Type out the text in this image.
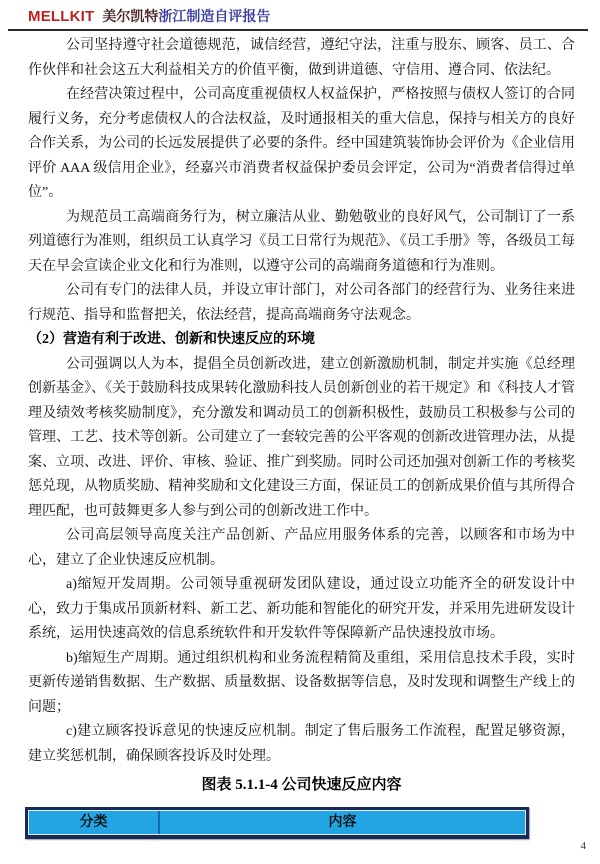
MELLKIT 美尔凯特浙江制造自评报告

公司坚持遵守社会道德规范，诚信经营，遵纪守法，注重与股东、顾客、员工、合作伙伴和社会这五大利益相关方的价值平衡，做到讲道德、守信用、遵合同、依法纪。

在经营决策过程中，公司高度重视债权人权益保护，严格按照与债权人签订的合同履行义务，充分考虑债权人的合法权益，及时通报相关的重大信息，保持与相关方的良好合作关系，为公司的长远发展提供了必要的条件。经中国建筑装饰协会评价为《企业信用评价 AAA 级信用企业》，经嘉兴市消费者权益保护委员会评定，公司为“消费者信得过单位”。

为规范员工高端商务行为，树立廉洁从业、勤勉敬业的良好风气，公司制订了一系列道德行为准则，组织员工认真学习《员工日常行为规范》、《员工手册》等，各级员工每天在早会宣读企业文化和行为准则，以遵守公司的高端商务道德和行为准则。

公司有专门的法律人员，并设立审计部门，对公司各部门的经营行为、业务往来进行规范、指导和监督把关，依法经营，提高高端商务守法观念。

（2）营造有利于改进、创新和快速反应的环境

公司强调以人为本，提倡全员创新改进，建立创新激励机制，制定并实施《总经理创新基金》、《关于鼓励科技成果转化激励科技人员创新创业的若干规定》和《科技人才管理及绩效考核奖励制度》，充分激发和调动员工的创新积极性，鼓励员工积极参与公司的管理、工艺、技术等创新。公司建立了一套较完善的公平客观的创新改进管理办法，从提案、立项、改进、评价、审核、验证、推广到奖励。同时公司还加强对创新工作的考核奖惩兑现，从物质奖励、精神奖励和文化建设三方面，保证员工的创新成果价值与其所得合理匹配，也可鼓舞更多人参与到公司的创新改进工作中。

公司高层领导高度关注产品创新、产品应用服务体系的完善，以顾客和市场为中心，建立了企业快速反应机制。

a)缩短开发周期。公司领导重视研发团队建设，通过设立功能齐全的研发设计中心，致力于集成吊顶新材料、新工艺、新功能和智能化的研究开发，并采用先进研发设计系统，运用快速高效的信息系统软件和开发软件等保障新产品快速投放市场。

b)缩短生产周期。通过组织机构和业务流程精简及重组，采用信息技术手段，实时更新传递销售数据、生产数据、质量数据、设备数据等信息，及时发现和调整生产线上的问题；

c)建立顾客投诉意见的快速反应机制。制定了售后服务工作流程，配置足够资源，建立奖惩机制，确保顾客投诉及时处理。

图表 5.1.1-4 公司快速反应内容

分类	内容
4
